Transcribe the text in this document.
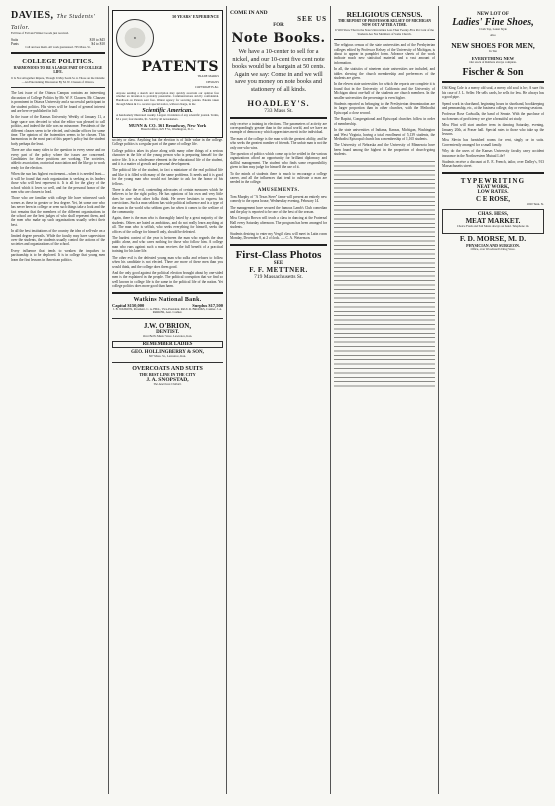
DAVIES, The Students' Tailor.

Fall line of Fall and Winter Goods just received.

Suits	$18 to $45
Pants	$4 to $10

Call and see them. All work guaranteed. 705 Mass. St.

COLLEGE POLITICS.
HARMONIOUS TO BE A LARGE PART OF COLLEGE LIFE.

It Is Not Altogether Impure, Though It May Seem So to Those on the Outside—An Entertaining Discussion By M. W. Clausen of Ottawa.

The last issue of the Ottawa Campus contains an interesting discussion of College Politics by Mr. W. F. Clausen. Mr. Clausen is prominent in Ottawa University and a successful participant in the student politics. His views will be found of general interest and are here re-published in full:

In the issue of the Kansas University Weekly of January 11, a large space was devoted to what the editor was pleased to call politics, and indeed the title was no misnomer. Presidents of the different classes seem to be elected, and similar offices for some time. The opinion of the fraternities seems to be chosen. This harmonious in the most part of this paper's policy but the student body perhaps the least.

There are also many sides to the question in every sense and on every part of the policy where the issues are concerned. Candidates for these positions are working. The societies, athletic association, oratorical association and the like go to work ready for the election.

When the sun has highest excitement—when it is needed least—it will be found that each organization is seeking as its leaders those who will best represent it. It is all for the glory of the school which it loves so well, and for the personal honor of the men who are chosen to lead.

Those who are familiar with college life have witnessed such scenes as these in greater or less degree. Yet, let some one who has never been in college or seen such things take a look and the fact remains that the members of the different organizations in the school are the best judges of who shall represent them, and the men who make up such organizations usually select their best.

In all the best institutions of the country the idea of self-rule on a limited degree prevails. While the faculty may have supervision over the students, the students usually control the actions of the societies and organizations of the school.

Every influence that tends to weaken the impulses to partisanship is to be deplored. It is in college that young men learn the first lessons in American politics.

50 YEARS' EXPERIENCE
★
PATENTS
TRADE MARKS
DESIGNS
COPYRIGHTS &c.

Anyone sending a sketch and description may quickly ascertain our opinion free whether an invention is probably patentable. Communications strictly confidential. Handbook on Patents sent free. Oldest agency for securing patents. Patents taken through Munn & Co. receive special notice, without charge, in the

Scientific American.

A handsomely illustrated weekly. Largest circulation of any scientific journal. Terms, $3 a year; four months, $1. Sold by all newsdealers.

MUNN & CO. 361 Broadway, New York
Branch Office, 625 F St., Washington, D. C.

society or class. Anything but the election is of little value in the college. College politics is a regular part of the game of college life.

College politics takes its place along with many other things of a serious character in the life of the young person who is preparing himself for the active life. It is a wholesome element in the educational life of the student, and it is a matter of growth and personal development.

The political life of the student, in fact a miniature of the real political life and like it is filled with many of the same problems. It needs and it is good for the young man who would not hesitate to ask for the honor of his fellows.

There is also the evil, contending advocates of certain measures which he believes to be the right policy. He has opinions of his own and very little does he care what other folks think. He never hesitates to express his convictions. Such a man seldom has wide political influence and is a type of the man in the world who seldom goes far when it comes to the welfare of the community.

Again, there is the man who is thoroughly hated by a great majority of the students. Others are hated as ambitious, and do not really learn anything at all. The man who is selfish, who seeks everything for himself, seeks the offices of the college for himself only, should be defeated.

The hardest contest of the year is between the man who regards the dear public alone, and who cares nothing for those who follow him. A college man who runs against such a man receives the full benefit of a practical training for his later life.

The other evil is the defeated young man who sulks and refuses to follow when his candidate is not elected. There are more of these men than you would think, and the college does them good.

And the only good against the political election brought about by one-sided men is the explained in the people. The political corruption that we find so well known in college life is the same in the political life of the nation. Yet college politics does more good than harm.

Watkins National Bank.
Capital $150,000	Surplus $17,500

J. B. WATKINS, President. C. A. HILL, Vice-President. PAUL R. BROOKS, Cashier. J. A. PARKER, Asst. Cashier.

J.W. O'BRION,
DENTIST.
Over Bell's Music Store. Lawrence, Kan.
REMEMBER LADIES
GEO. HOLLINGBERRY & SON,
827 Mass. St., Lawrence, Kan.
OVERCOATS AND SUITS
THE BEST LINE IN THE CITY
J. A. SNOPSTAD,
The American Clothier.
COME IN AND
SEE US
FOR
Note Books.
We have a 10-center to sell for a nickel, and our 10-cent five cent note books would be a bargain at 50 cents. Again we say: Come in and we will save you money on note books and stationery of all kinds.
HOADLEY'S.
733 Mass St.

only receive a training in elections. The parameters of activity are correspondingly greater than in the actual world, and we have an example of democracy which appreciates merit in the individual.

The man of the college is the man with the greatest ability, and he who seeks the greatest number of friends. The unfair man is not the only one who wins.

The question of politics which come up to be settled in the various organizations afford an opportunity for brilliant diplomacy and skillful management. The student who finds some responsibility given to him may judge for himself the use of it.

To the minds of students there is much to encourage a college career, and all the influences that tend to cultivate a man are needed in the college.

AMUSEMENTS.

Tom Murphy of "A Texas Steer" fame will present an entirely new comedy to the opera house, Wednesday evening, February 14.

The management have secured the famous Lamb's Club comedian and the play is reported to be one of the best of the season.

Miss Georgia Brown will teach a class in dancing at the Fraternal Hall every Saturday afternoon. The program has been arranged for students.

Students desiring to enter my Vergil class will meet in Latin room Monday, December 8, at 2 o'clock. — C. A. Wetzenson.

First-Class Photos
SEE
F. F. METTNER.
719 Massachusetts St.
RELIGIOUS CENSUS.
THE REPORT OF PROFESSOR KELSEY OF MICHIGAN NOW OUT AFTER A TIME.

It Will Show That in the State Universities Less Than Twenty-Five Per Cent of the Students Are Not Members of Some Church.

The religious census of the state universities and of the Presbyterian colleges edited by Professor Kelsey of the University of Michigan, is about to appear in pamphlet form. Advance sheets of the work indicate much new statistical material and a vast amount of information.

In all, the statistics of nineteen state universities are included, and tables shewing the church membership and preferences of the students are given.

In the eleven state universities for which the reports are complete it is found that in the University of California and the University of Michigan about one-half of the students are church members. In the smaller universities the percentage is even higher.

Students reported as belonging to the Presbyterian denomination are in larger proportion than in other churches, with the Methodist Episcopal a close second.

The Baptist, Congregational and Episcopal churches follow in order of membership.

In the state universities of Indiana, Kansas, Michigan, Washington and West Virginia, having a total enrollment of 5,139 students, the Methodist Episcopal church has a membership of 1,165 students.

The University of Nebraska and the University of Minnesota have been found among the highest in the proportion of church-going students.

NEW LOT OF
Ladies' Fine Shoes,
Cloth Top, Latest Style
Also
NEW SHOES FOR MEN,
In Tan
EVERYTHING NEW
Our stock of Rubbers always complete.
Fischer & Son

Old King Cole is a merry old soul, a merry old soul is he; A sure fits his case of J. L. Seller. He sells cards, he sells for less. He always has a good pipe.

Spend work in shorthand, beginning hours in shorthand, bookkeeping and penmanship, etc., at the business college, day or evening sessions.

Professor Rose Cadwalla, the band of Senate. With the purchase of such means of proficiency we give a beautiful art study.

Miss Flint will start another term in dancing Saturday, evening, January 20th, at Fraser hall. Special rates to those who take up the lessons.

Miss Slevin has furnished rooms for rent, singly or in suits. Conveniently arranged for a small family.

Why do the users of the Kansas University faculty carry accident insurance in the Northwestern Mutual Life?

Students receive a discount at E. E. French, tailor, over Dalley's, 913 Massachusetts street.

TYPEWRITING
NEAT WORK,
LOW RATES.
C E ROSE,
1020 Tenn. St.
CHAS. HESS,
MEAT MARKET.
Choice Fresh and Salt Meats always on hand. Telephone 14.
F. D. MORSE, M. D.
PHYSICIAN AND SURGEON.
Office, over Woodward's Drug Store.
